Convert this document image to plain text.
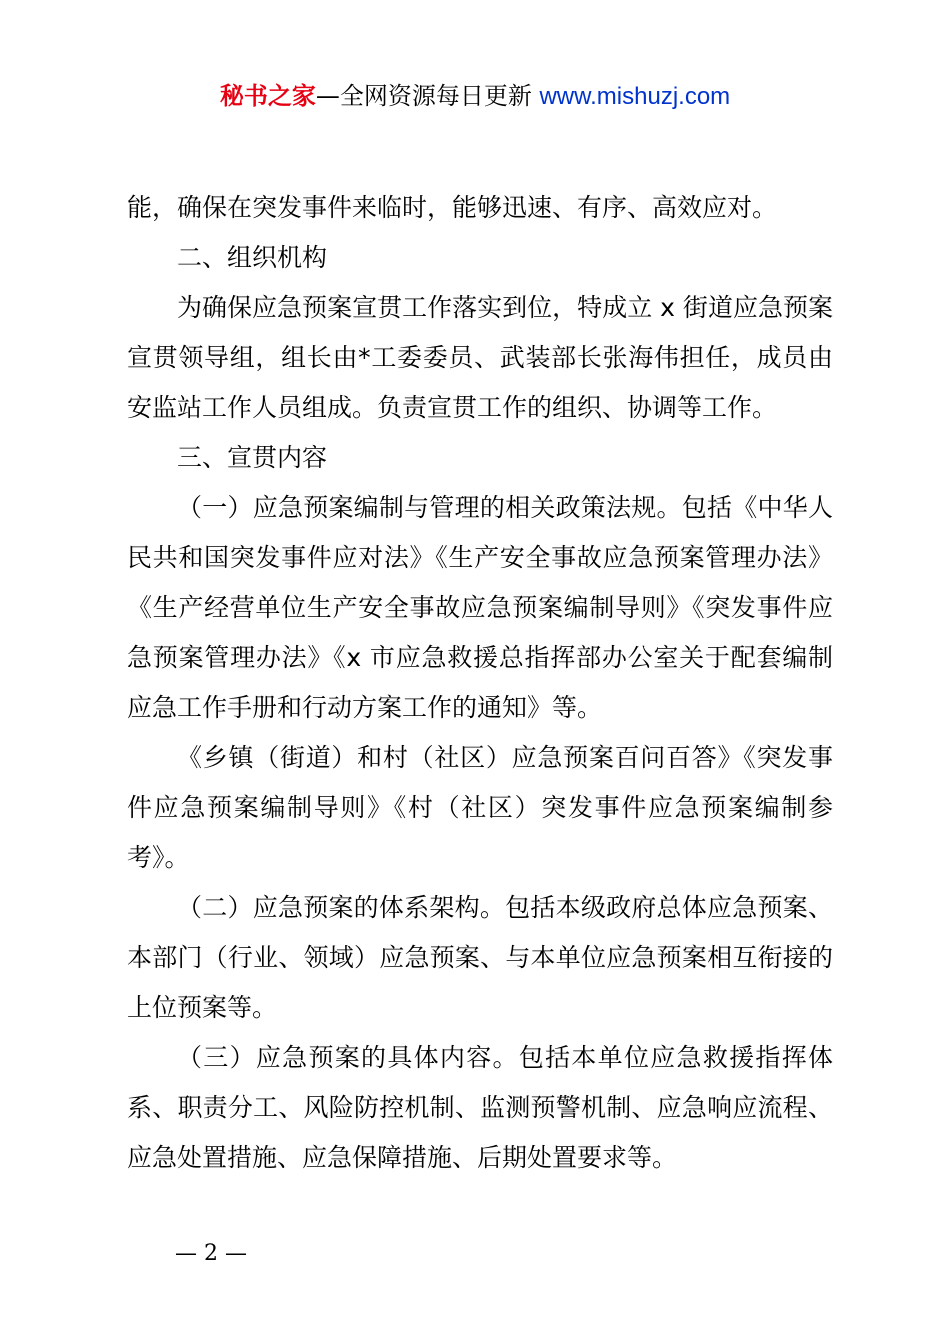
秘书之家—全网资源每日更新 www.mishuzj.com

能，确保在突发事件来临时，能够迅速、有序、高效应对。

二、组织机构

为确保应急预案宣贯工作落实到位，特成立 x 街道应急预案宣贯领导组，组长由*工委委员、武装部长张海伟担任，成员由安监站工作人员组成。负责宣贯工作的组织、协调等工作。

三、宣贯内容

（一）应急预案编制与管理的相关政策法规。包括《中华人民共和国突发事件应对法》《生产安全事故应急预案管理办法》《生产经营单位生产安全事故应急预案编制导则》《突发事件应急预案管理办法》《x 市应急救援总指挥部办公室关于配套编制应急工作手册和行动方案工作的通知》等。

《乡镇（街道）和村（社区）应急预案百问百答》《突发事件应急预案编制导则》《村（社区）突发事件应急预案编制参考》。

（二）应急预案的体系架构。包括本级政府总体应急预案、本部门（行业、领域）应急预案、与本单位应急预案相互衔接的上位预案等。

（三）应急预案的具体内容。包括本单位应急救援指挥体系、职责分工、风险防控机制、监测预警机制、应急响应流程、应急处置措施、应急保障措施、后期处置要求等。

— 2 —
